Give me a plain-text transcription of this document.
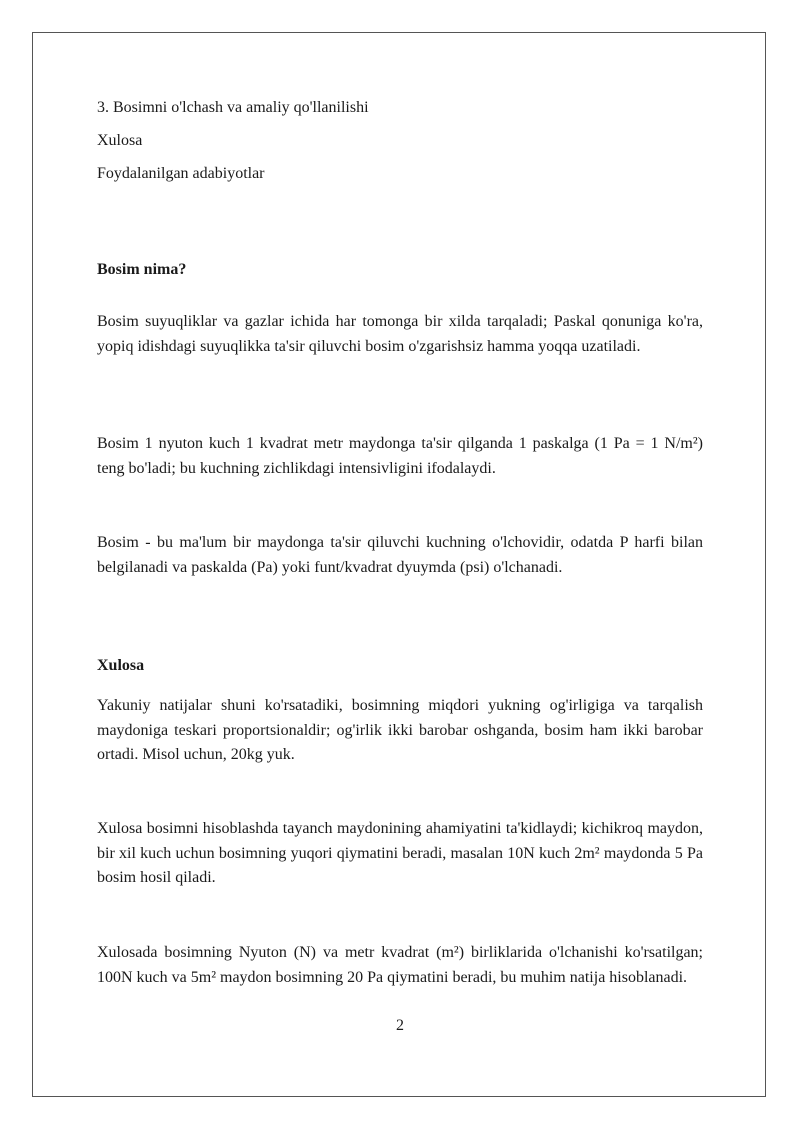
3. Bosimni o'lchash va amaliy qo'llanilishi
Xulosa
Foydalanilgan adabiyotlar
Bosim nima?
Bosim suyuqliklar va gazlar ichida har tomonga bir xilda tarqaladi; Paskal qonuniga ko'ra, yopiq idishdagi suyuqlikka ta'sir qiluvchi bosim o'zgarishsiz hamma yoqqa uzatiladi.
Bosim 1 nyuton kuch 1 kvadrat metr maydonga ta'sir qilganda 1 paskalga (1 Pa = 1 N/m²) teng bo'ladi; bu kuchning zichlikdagi intensivligini ifodalaydi.
Bosim - bu ma'lum bir maydonga ta'sir qiluvchi kuchning o'lchovidir, odatda P harfi bilan belgilanadi va paskalda (Pa) yoki funt/kvadrat dyuymda (psi) o'lchanadi.
Xulosa
Yakuniy natijalar shuni ko'rsatadiki, bosimning miqdori yukning og'irligiga va tarqalish maydoniga teskari proportsionaldir; og'irlik ikki barobar oshganda, bosim ham ikki barobar ortadi. Misol uchun, 20kg yuk.
Xulosa bosimni hisoblashda tayanch maydonining ahamiyatini ta'kidlaydi; kichikroq maydon, bir xil kuch uchun bosimning yuqori qiymatini beradi, masalan 10N kuch 2m² maydonda 5 Pa bosim hosil qiladi.
Xulosada bosimning Nyuton (N) va metr kvadrat (m²) birliklarida o'lchanishi ko'rsatilgan; 100N kuch va 5m² maydon bosimning 20 Pa qiymatini beradi, bu muhim natija hisoblanadi.
2
